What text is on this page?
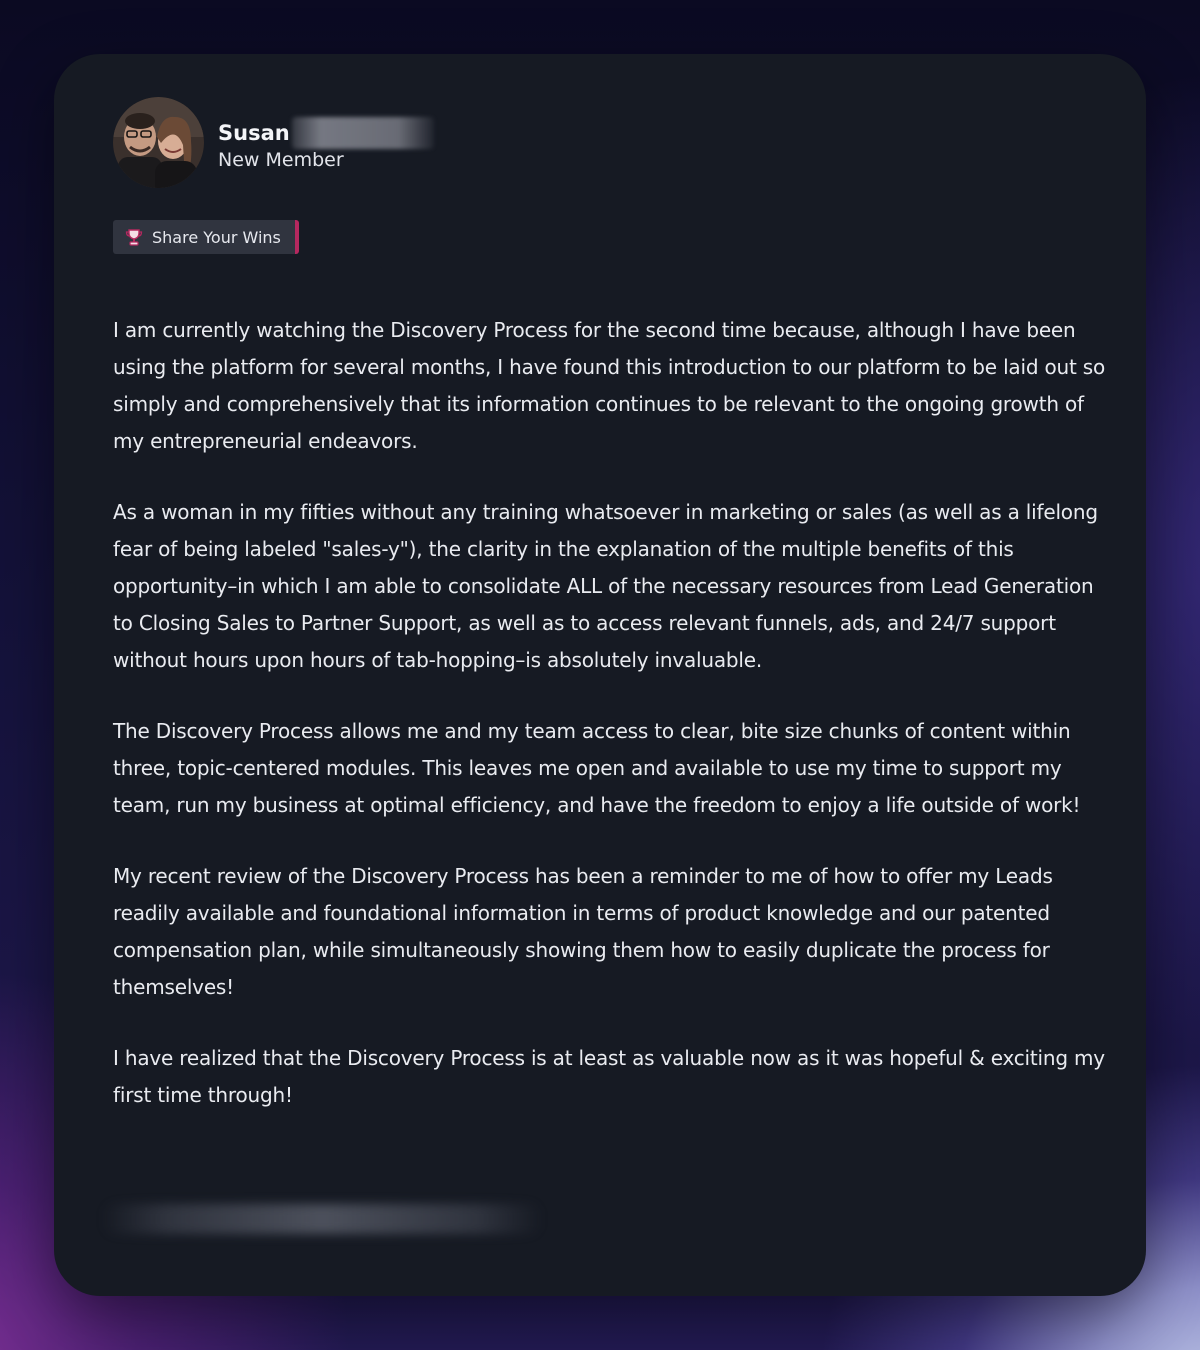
Susan
New Member
Share Your Wins

I am currently watching the Discovery Process for the second time because, although I have been using the platform for several months, I have found this introduction to our platform to be laid out so simply and comprehensively that its information continues to be relevant to the ongoing growth of my entrepreneurial endeavors.

As a woman in my fifties without any training whatsoever in marketing or sales (as well as a lifelong fear of being labeled "sales-y"), the clarity in the explanation of the multiple benefits of this opportunity–in which I am able to consolidate ALL of the necessary resources from Lead Generation to Closing Sales to Partner Support, as well as to access relevant funnels, ads, and 24/7 support without hours upon hours of tab-hopping–is absolutely invaluable.

The Discovery Process allows me and my team access to clear, bite size chunks of content within three, topic-centered modules. This leaves me open and available to use my time to support my team, run my business at optimal efficiency, and have the freedom to enjoy a life outside of work!

My recent review of the Discovery Process has been a reminder to me of how to offer my Leads readily available and foundational information in terms of product knowledge and our patented compensation plan, while simultaneously showing them how to easily duplicate the process for themselves!

I have realized that the Discovery Process is at least as valuable now as it was hopeful & exciting my first time through!
